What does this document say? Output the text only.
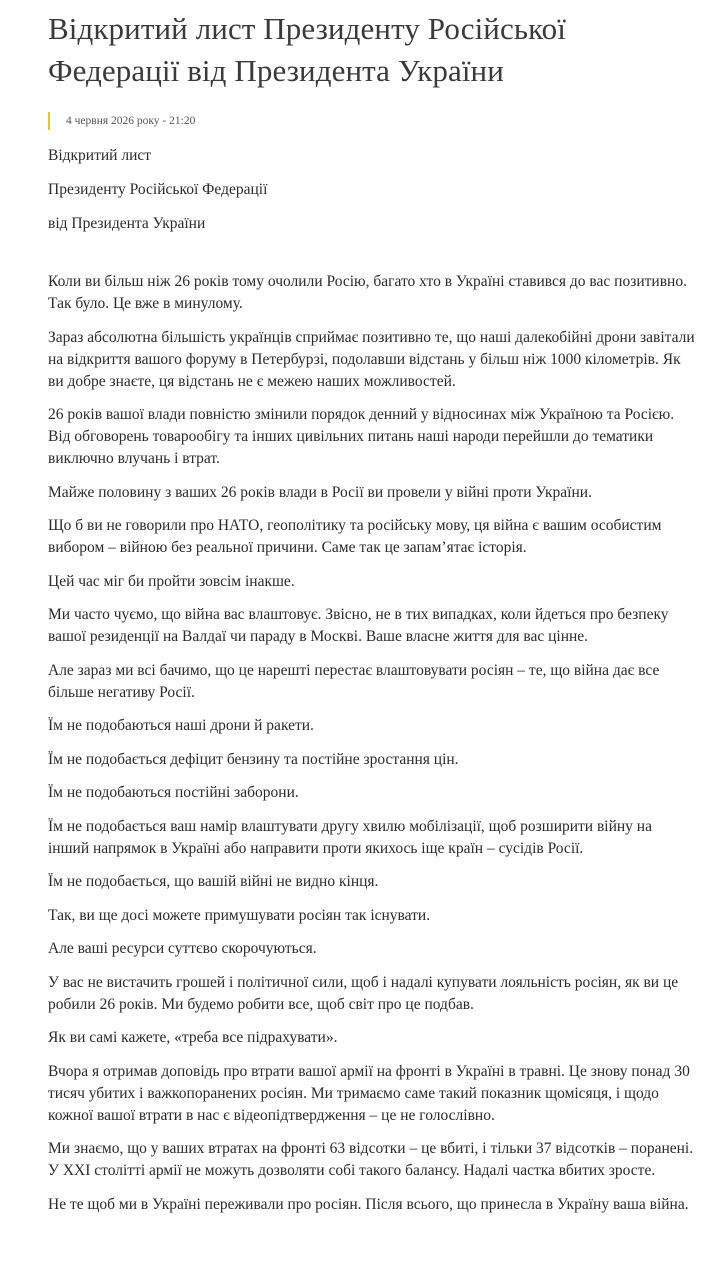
Відкритий лист Президенту Російської Федерації від Президента України
4 червня 2026 року - 21:20

Відкритий лист

Президенту Російської Федерації

від Президента України

Коли ви більш ніж 26 років тому очолили Росію, багато хто в Україні ставився до вас позитивно. Так було. Це вже в минулому.

Зараз абсолютна більшість українців сприймає позитивно те, що наші далекобійні дрони завітали на відкриття вашого форуму в Петербурзі, подолавши відстань у більш ніж 1000 кілометрів. Як ви добре знаєте, ця відстань не є межею наших можливостей.

26 років вашої влади повністю змінили порядок денний у відносинах між Україною та Росією. Від обговорень товарообігу та інших цивільних питань наші народи перейшли до тематики виключно влучань і втрат.

Майже половину з ваших 26 років влади в Росії ви провели у війні проти України.

Що б ви не говорили про НАТО, геополітику та російську мову, ця війна є вашим особистим вибором – війною без реальної причини. Саме так це запам’ятає історія.

Цей час міг би пройти зовсім інакше.

Ми часто чуємо, що війна вас влаштовує. Звісно, не в тих випадках, коли йдеться про безпеку вашої резиденції на Валдаї чи параду в Москві. Ваше власне життя для вас цінне.

Але зараз ми всі бачимо, що це нарешті перестає влаштовувати росіян – те, що війна дає все більше негативу Росії.

Їм не подобаються наші дрони й ракети.

Їм не подобається дефіцит бензину та постійне зростання цін.

Їм не подобаються постійні заборони.

Їм не подобається ваш намір влаштувати другу хвилю мобілізації, щоб розширити війну на інший напрямок в Україні або направити проти якихось іще країн – сусідів Росії.

Їм не подобається, що вашій війні не видно кінця.

Так, ви ще досі можете примушувати росіян так існувати.

Але ваші ресурси суттєво скорочуються.

У вас не вистачить грошей і політичної сили, щоб і надалі купувати лояльність росіян, як ви це робили 26 років. Ми будемо робити все, щоб світ про це подбав.

Як ви самі кажете, «треба все підрахувати».

Вчора я отримав доповідь про втрати вашої армії на фронті в Україні в травні. Це знову понад 30 тисяч убитих і важкопоранених росіян. Ми тримаємо саме такий показник щомісяця, і щодо кожної вашої втрати в нас є відеопідтвердження – це не голослівно.

Ми знаємо, що у ваших втратах на фронті 63 відсотки – це вбиті, і тільки 37 відсотків – поранені. У XXI столітті армії не можуть дозволяти собі такого балансу. Надалі частка вбитих зросте.

Не те щоб ми в Україні переживали про росіян. Після всього, що принесла в Україну ваша війна.
